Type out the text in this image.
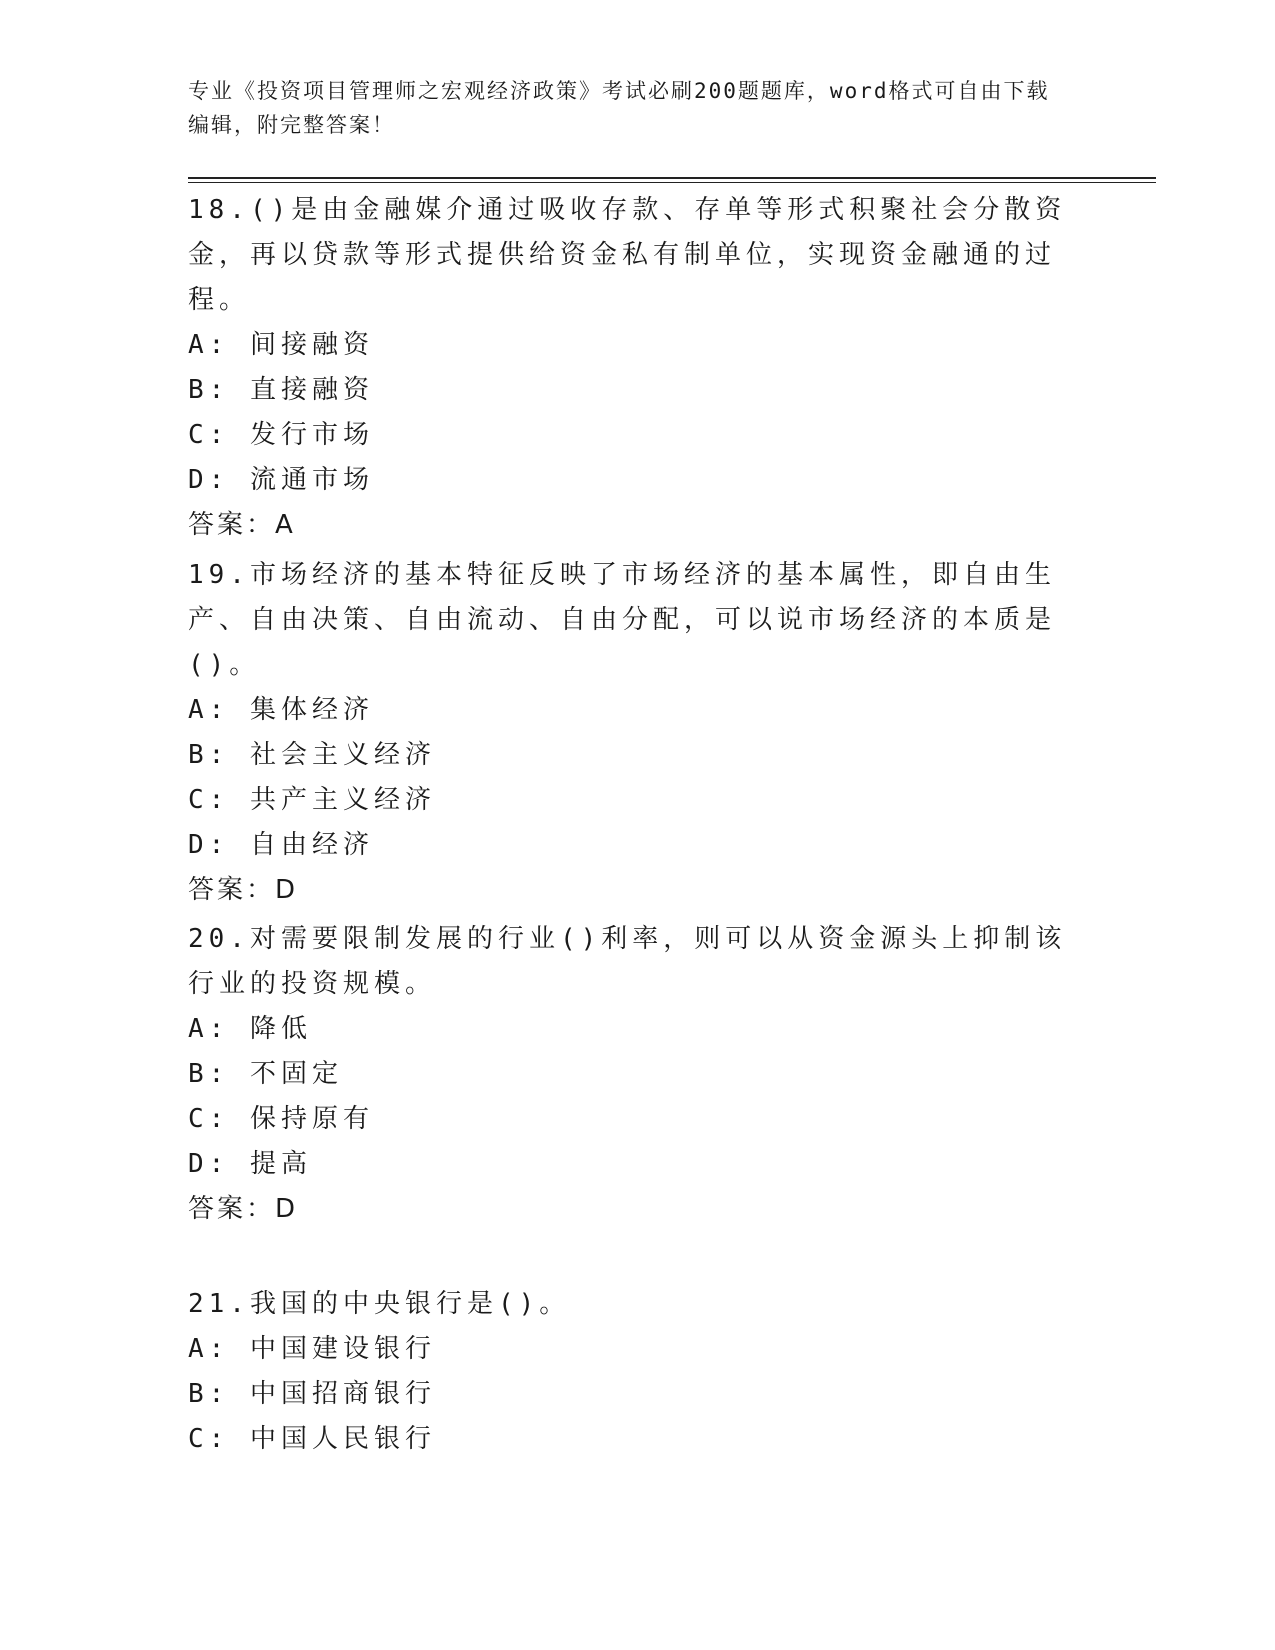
专业《投资项目管理师之宏观经济政策》考试必刷200题题库，word格式可自由下载编辑，附完整答案！

18.()是由金融媒介通过吸收存款、存单等形式积聚社会分散资金，再以贷款等形式提供给资金私有制单位，实现资金融通的过程。

A: 间接融资

B: 直接融资

C: 发行市场

D: 流通市场

答案：A

19.市场经济的基本特征反映了市场经济的基本属性，即自由生产、自由决策、自由流动、自由分配，可以说市场经济的本质是()。

A: 集体经济

B: 社会主义经济

C: 共产主义经济

D: 自由经济

答案：D

20.对需要限制发展的行业()利率，则可以从资金源头上抑制该行业的投资规模。

A: 降低

B: 不固定

C: 保持原有

D: 提高

答案：D

21.我国的中央银行是()。

A: 中国建设银行

B: 中国招商银行

C: 中国人民银行
